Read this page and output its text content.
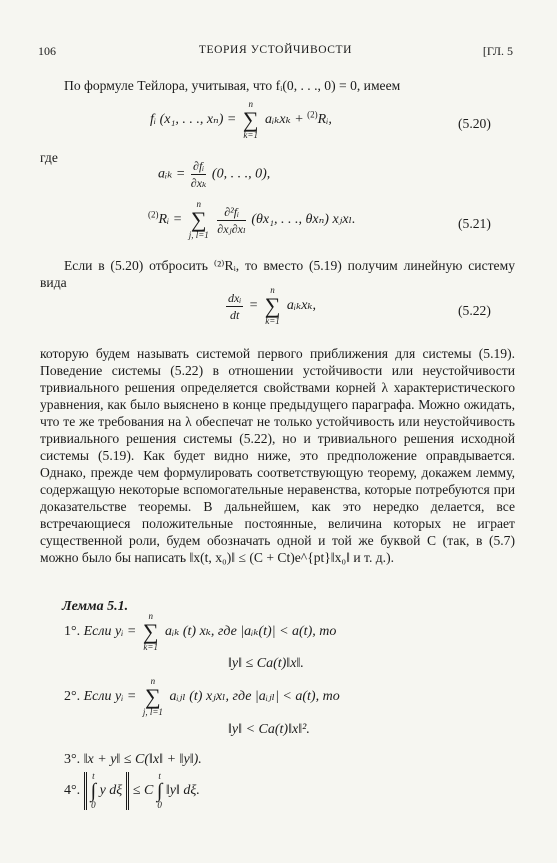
106	ТЕОРИЯ УСТОЙЧИВОСТИ	[ГЛ. 5
По формуле Тейлора, учитывая, что fᵢ(0, . . ., 0) = 0, имеем
fᵢ (x₁, . . ., xₙ) =
n
∑
k=1
aᵢₖxₖ + $^{(2)}$Rᵢ,	(5.20)
где
aᵢₖ = $\frac{\text{∂fᵢ}}{\text{∂xₖ}} (0$, . . ., 0),
$^{(2)}$Rᵢ =
n
∑
j, l=1

$\frac{\text{∂²fᵢ}}{\text{∂xⱼ∂xₗ}} (\theta x_1$, . . ., θxₙ) xⱼxₗ.	(5.21)
Если в (5.20) отбросить ⁽²⁾Rᵢ, то вместо (5.19) получим линейную систему вида
$\frac{\text{dxᵢ}}{dt}$ =
n
∑
k=1
aᵢₖxₖ,	(5.22)
которую будем называть системой первого приближения для системы (5.19). Поведение системы (5.22) в отношении устойчивости или неустойчивости тривиального решения определяется свойствами корней λ характеристического уравнения, как было выяснено в конце предыдущего параграфа. Можно ожидать, что те же требования на λ обеспечат не только устойчивость или неустойчивость тривиального решения системы (5.22), но и тривиального решения исходной системы (5.19). Как будет видно ниже, это предположение оправдывается. Однако, прежде чем формулировать соответствующую теорему, докажем лемму, содержащую некоторые вспомогательные неравенства, которые потребуются при доказательстве теоремы. В дальнейшем, как это нередко делается, все встречающиеся положительные постоянные, величина которых не играет существенной роли, будем обозначать одной и той же буквой C (так, в (5.7) можно было бы написать ‖x(t, x₀)‖ ≤ (C + Ct)e^{pt}‖x₀‖ и т. д.).
Лемма 5.1.
1°. Если yᵢ =
n
∑
k=1
aᵢₖ (t) xₖ, где |aᵢₖ(t)| < a(t), то
‖y‖ ≤ Ca(t)‖x‖.
2°. Если yᵢ =
n
∑
j, l=1
aᵢⱼₗ (t) xⱼxₗ, где |aᵢⱼₗ| < a(t), то
‖y‖ < Ca(t)‖x‖².
3°. ‖x + y‖ ≤ C(‖x‖ + ‖y‖).
4°.
t
∫
0
y dξ ≤ C
t
∫
0
‖y‖ dξ.
